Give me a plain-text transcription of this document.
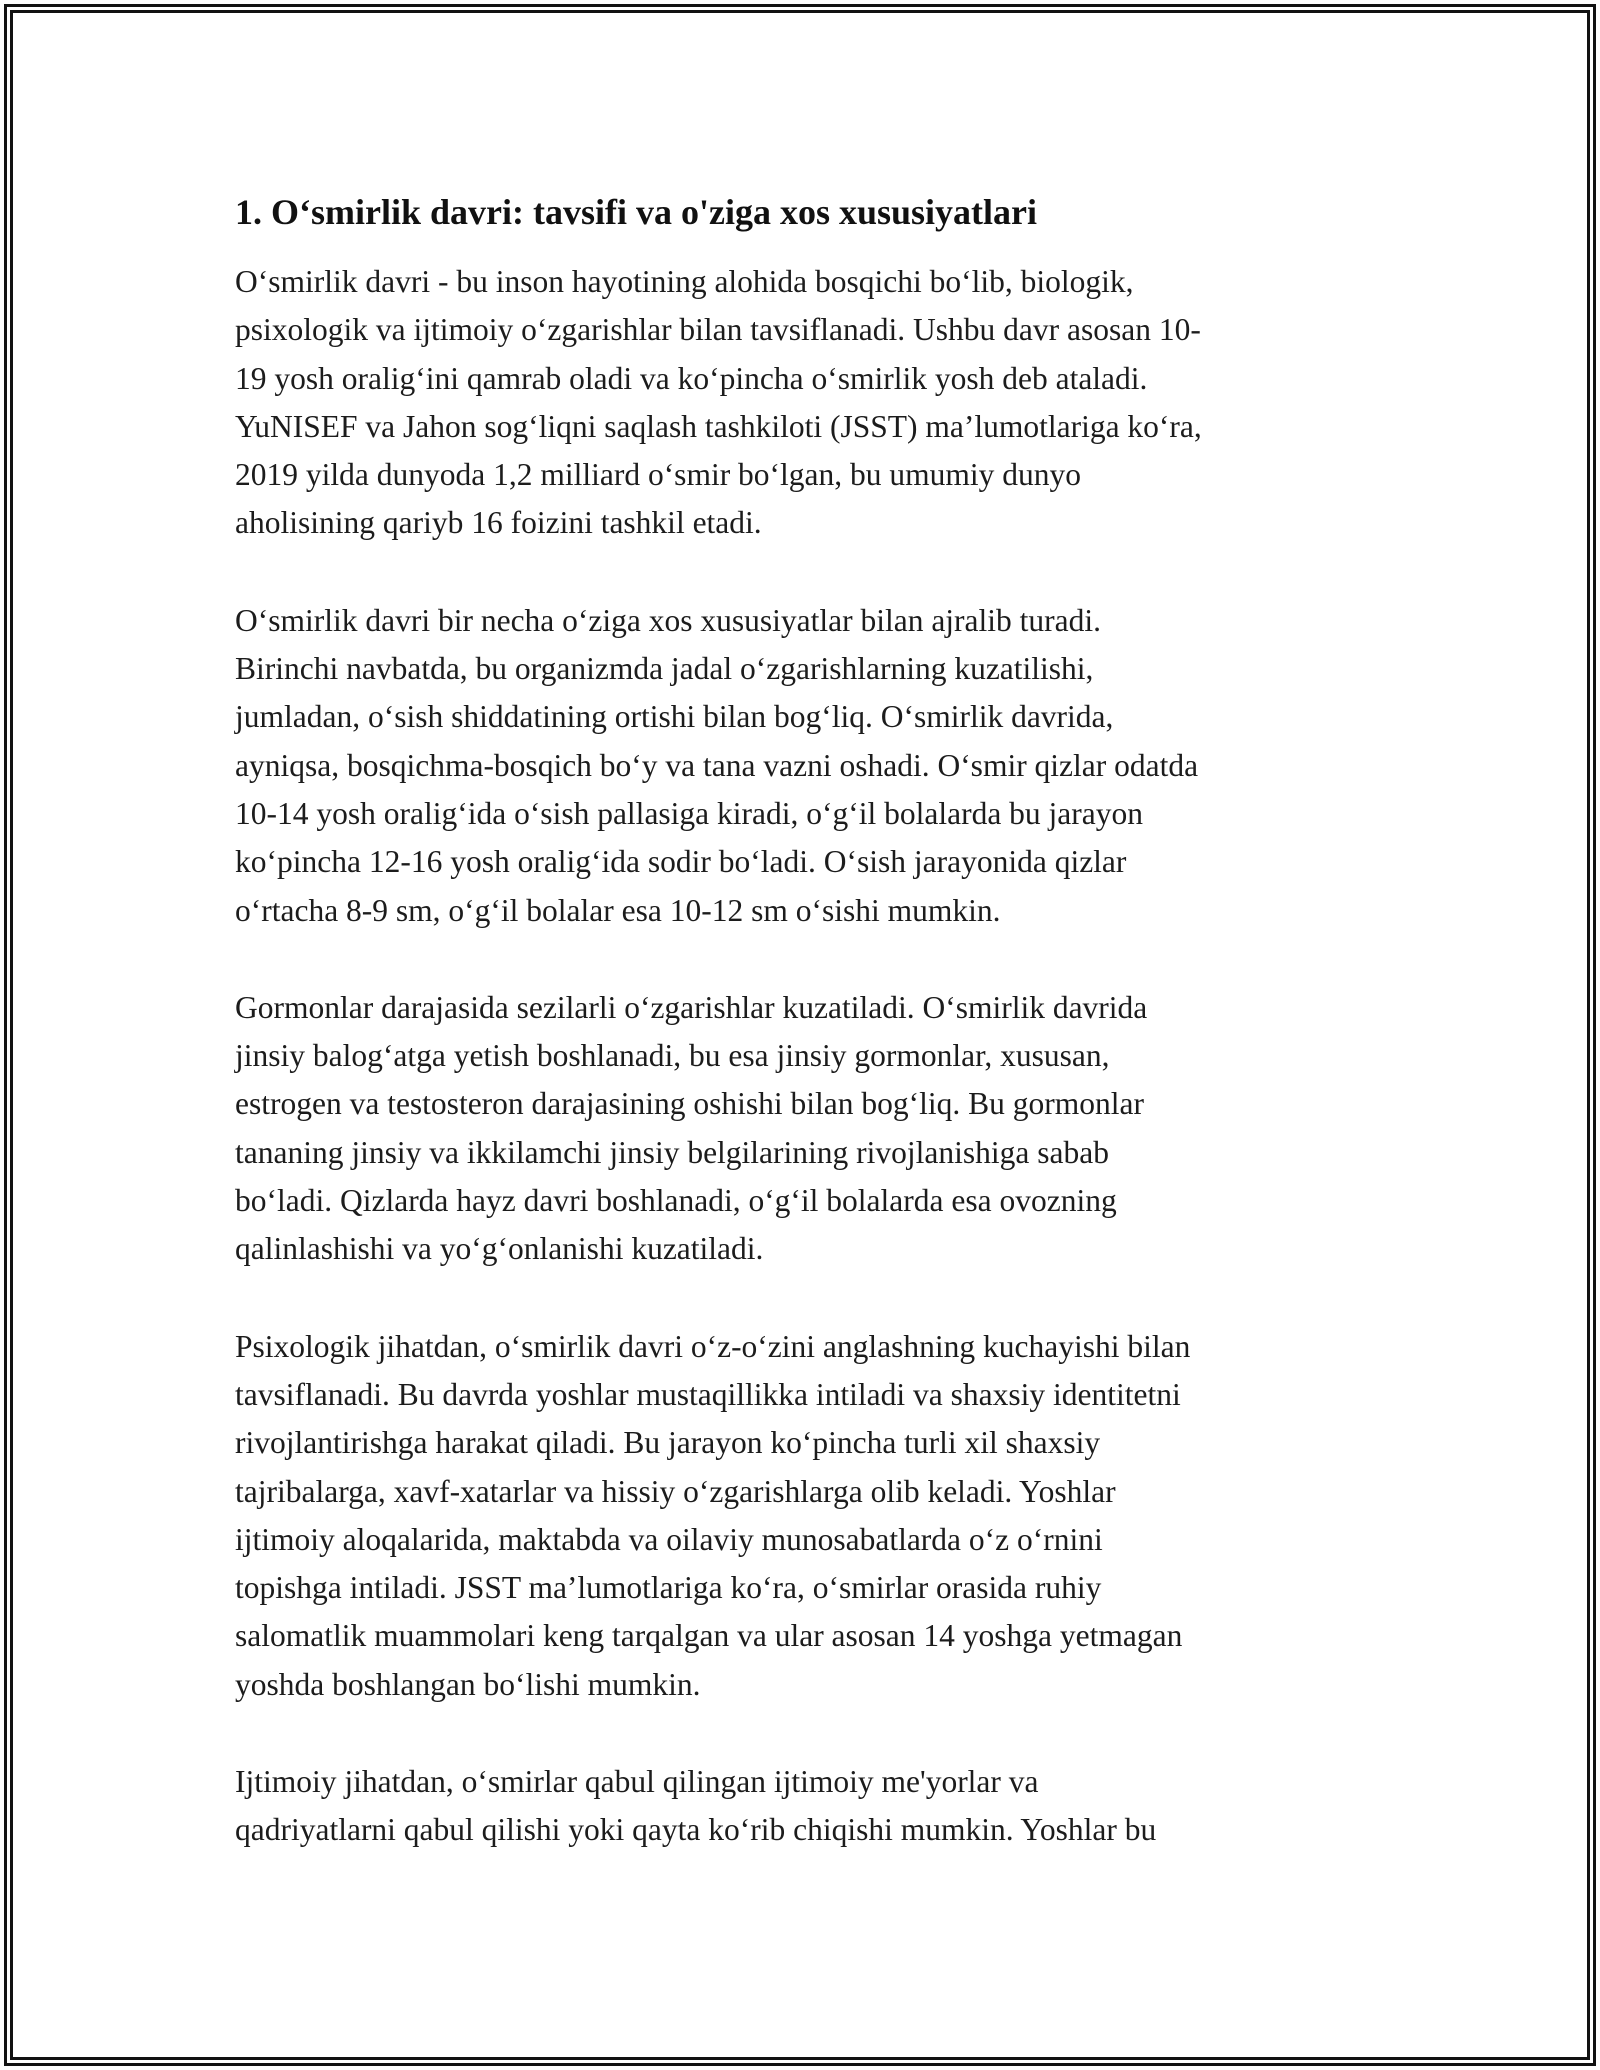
1. O‘smirlik davri: tavsifi va o'ziga xos xususiyatlari

O‘smirlik davri - bu inson hayotining alohida bosqichi bo‘lib, biologik,
psixologik va ijtimoiy o‘zgarishlar bilan tavsiflanadi. Ushbu davr asosan 10-
19 yosh oralig‘ini qamrab oladi va ko‘pincha o‘smirlik yosh deb ataladi.
YuNISEF va Jahon sog‘liqni saqlash tashkiloti (JSST) ma’lumotlariga ko‘ra,
2019 yilda dunyoda 1,2 milliard o‘smir bo‘lgan, bu umumiy dunyo
aholisining qariyb 16 foizini tashkil etadi.

O‘smirlik davri bir necha o‘ziga xos xususiyatlar bilan ajralib turadi.
Birinchi navbatda, bu organizmda jadal o‘zgarishlarning kuzatilishi,
jumladan, o‘sish shiddatining ortishi bilan bog‘liq. O‘smirlik davrida,
ayniqsa, bosqichma-bosqich bo‘y va tana vazni oshadi. O‘smir qizlar odatda
10-14 yosh oralig‘ida o‘sish pallasiga kiradi, o‘g‘il bolalarda bu jarayon
ko‘pincha 12-16 yosh oralig‘ida sodir bo‘ladi. O‘sish jarayonida qizlar
o‘rtacha 8-9 sm, o‘g‘il bolalar esa 10-12 sm o‘sishi mumkin.

Gormonlar darajasida sezilarli o‘zgarishlar kuzatiladi. O‘smirlik davrida
jinsiy balog‘atga yetish boshlanadi, bu esa jinsiy gormonlar, xususan,
estrogen va testosteron darajasining oshishi bilan bog‘liq. Bu gormonlar
tananing jinsiy va ikkilamchi jinsiy belgilarining rivojlanishiga sabab
bo‘ladi. Qizlarda hayz davri boshlanadi, o‘g‘il bolalarda esa ovozning
qalinlashishi va yo‘g‘onlanishi kuzatiladi.

Psixologik jihatdan, o‘smirlik davri o‘z-o‘zini anglashning kuchayishi bilan
tavsiflanadi. Bu davrda yoshlar mustaqillikka intiladi va shaxsiy identitetni
rivojlantirishga harakat qiladi. Bu jarayon ko‘pincha turli xil shaxsiy
tajribalarga, xavf-xatarlar va hissiy o‘zgarishlarga olib keladi. Yoshlar
ijtimoiy aloqalarida, maktabda va oilaviy munosabatlarda o‘z o‘rnini
topishga intiladi. JSST ma’lumotlariga ko‘ra, o‘smirlar orasida ruhiy
salomatlik muammolari keng tarqalgan va ular asosan 14 yoshga yetmagan
yoshda boshlangan bo‘lishi mumkin.

Ijtimoiy jihatdan, o‘smirlar qabul qilingan ijtimoiy me'yorlar va
qadriyatlarni qabul qilishi yoki qayta ko‘rib chiqishi mumkin. Yoshlar bu
